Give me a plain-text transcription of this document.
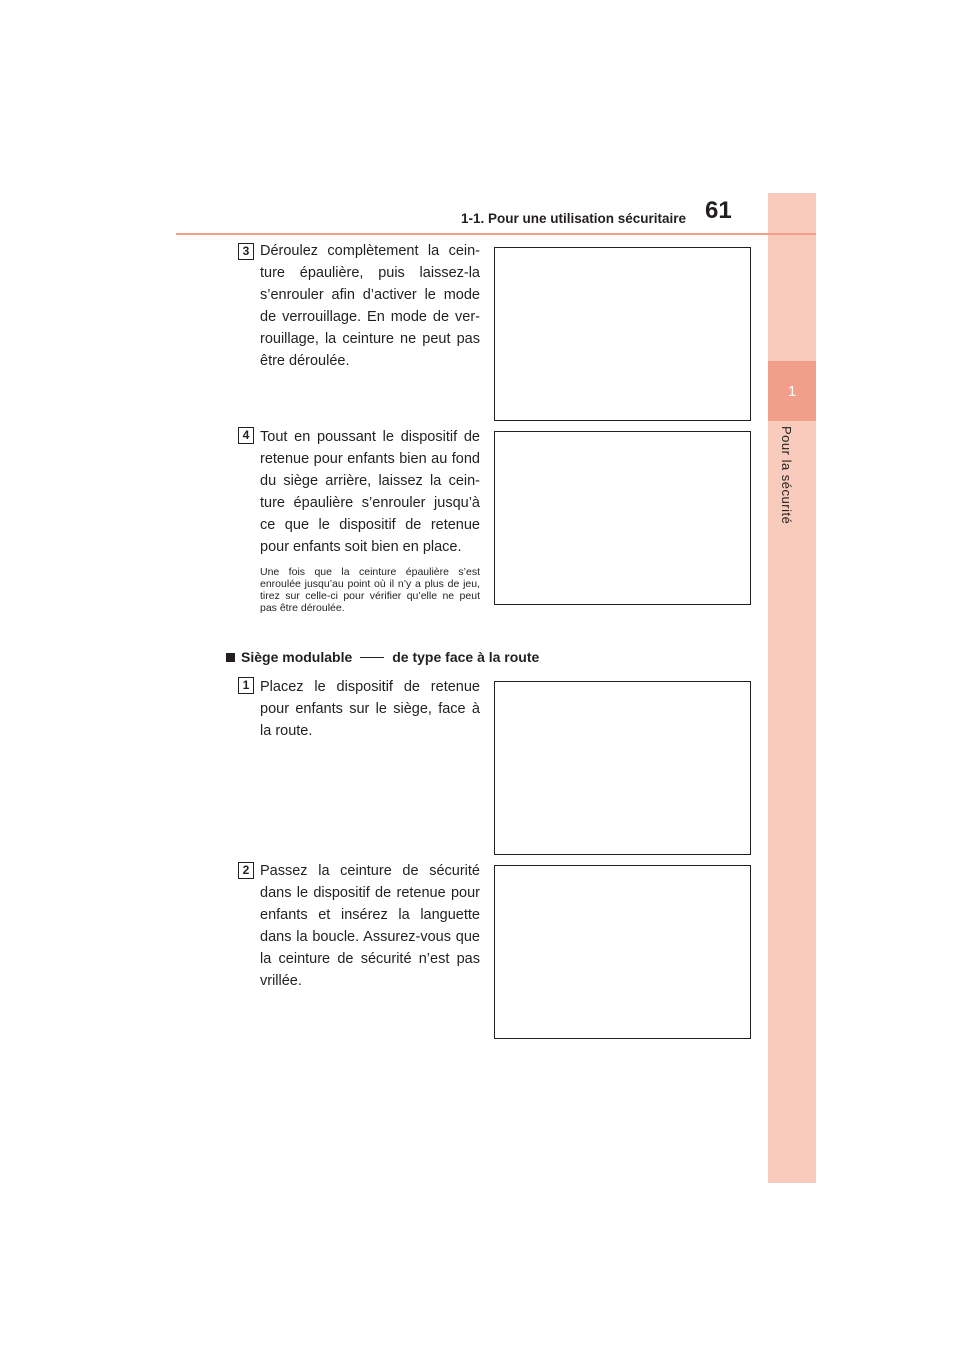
1
Pour la sécurité
1-1. Pour une utilisation sécuritaire 61
3 Déroulez complètement la cein-ture épaulière, puis laissez-la s’enrouler afin d’activer le mode de verrouillage. En mode de ver-rouillage, la ceinture ne peut pas être déroulée.
4 Tout en poussant le dispositif de retenue pour enfants bien au fond du siège arrière, laissez la cein-ture épaulière s’enrouler jusqu’à ce que le dispositif de retenue pour enfants soit bien en place.
Une fois que la ceinture épaulière s’est enroulée jusqu’au point où il n’y a plus de jeu, tirez sur celle-ci pour vérifier qu’elle ne peut pas être déroulée.
Siège modulable	de type face à la route
1 Placez le dispositif de retenue pour enfants sur le siège, face à la route.
2 Passez la ceinture de sécurité dans le dispositif de retenue pour enfants et insérez la languette dans la boucle. Assurez-vous que la ceinture de sécurité n’est pas vrillée.
